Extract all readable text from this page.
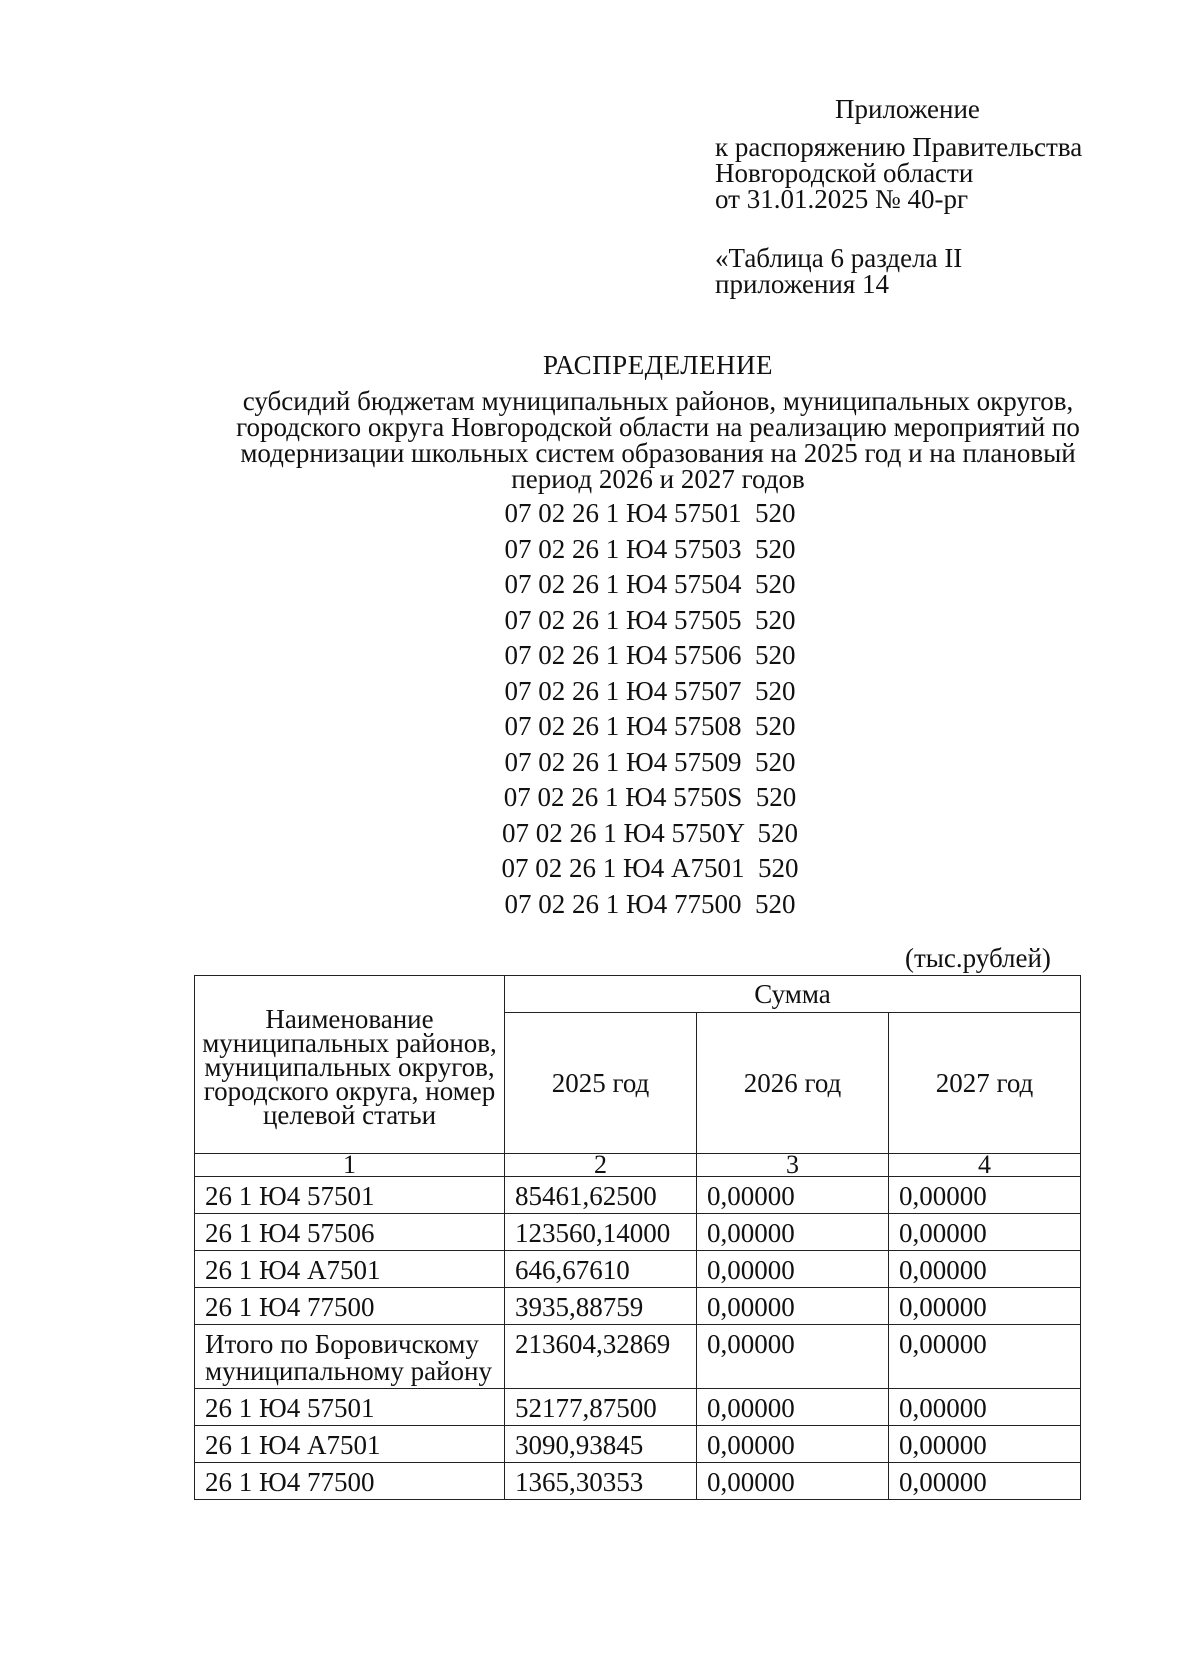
Приложение
к распоряжению Правительства
Новгородской области
от 31.01.2025 № 40-рг
«Таблица 6 раздела II
приложения 14
РАСПРЕДЕЛЕНИЕ
субсидий бюджетам муниципальных районов, муниципальных округов, городского округа Новгородской области на реализацию мероприятий по модернизации школьных систем образования на 2025 год и на плановый период 2026 и 2027 годов
07 02 26 1 Ю4 57501  520
07 02 26 1 Ю4 57503  520
07 02 26 1 Ю4 57504  520
07 02 26 1 Ю4 57505  520
07 02 26 1 Ю4 57506  520
07 02 26 1 Ю4 57507  520
07 02 26 1 Ю4 57508  520
07 02 26 1 Ю4 57509  520
07 02 26 1 Ю4 5750S  520
07 02 26 1 Ю4 5750Y  520
07 02 26 1 Ю4 А7501  520
07 02 26 1 Ю4 77500  520
(тыс.рублей)
Наименование муниципальных районов, муниципальных округов, городского округа, номер целевой статьи	Сумма		
	2025 год	2026 год	2027 год
1	2	3	4
26 1 Ю4 57501	85461,62500	0,00000	0,00000
26 1 Ю4 57506	123560,14000	0,00000	0,00000
26 1 Ю4 А7501	646,67610	0,00000	0,00000
26 1 Ю4 77500	3935,88759	0,00000	0,00000
Итого по Боровичскому муниципальному району	213604,32869	0,00000	0,00000
26 1 Ю4 57501	52177,87500	0,00000	0,00000
26 1 Ю4 А7501	3090,93845	0,00000	0,00000
26 1 Ю4 77500	1365,30353	0,00000	0,00000
